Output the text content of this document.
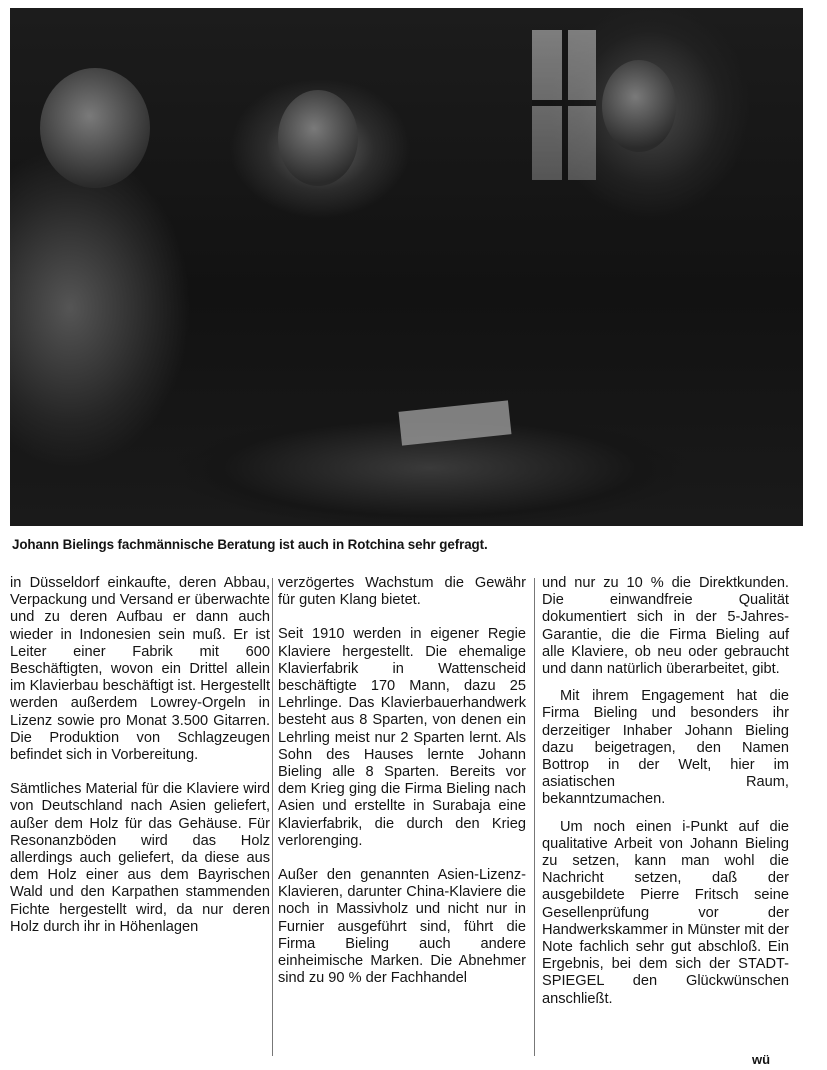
Johann Bielings fachmännische Beratung ist auch in Rotchina sehr gefragt.

in Düsseldorf einkaufte, deren Abbau, Verpackung und Versand er überwachte und zu deren Aufbau er dann auch wieder in Indonesien sein muß. Er ist Leiter einer Fabrik mit 600 Beschäftigten, wovon ein Drittel allein im Klavierbau beschäftigt ist. Hergestellt werden außerdem Lowrey-Orgeln in Lizenz sowie pro Monat 3.500 Gitarren. Die Produktion von Schlagzeugen befindet sich in Vorbereitung.

Sämtliches Material für die Klaviere wird von Deutschland nach Asien geliefert, außer dem Holz für das Gehäuse. Für Resonanzböden wird das Holz allerdings auch geliefert, da diese aus dem Holz einer aus dem Bayrischen Wald und den Karpathen stammenden Fichte hergestellt wird, da nur deren Holz durch ihr in Höhenlagen

verzögertes Wachstum die Gewähr für guten Klang bietet.

Seit 1910 werden in eigener Regie Klaviere hergestellt. Die ehemalige Klavierfabrik in Wattenscheid beschäftigte 170 Mann, dazu 25 Lehrlinge. Das Klavierbauerhandwerk besteht aus 8 Sparten, von denen ein Lehrling meist nur 2 Sparten lernt. Als Sohn des Hauses lernte Johann Bieling alle 8 Sparten. Bereits vor dem Krieg ging die Firma Bieling nach Asien und erstellte in Surabaja eine Klavierfabrik, die durch den Krieg verlorenging.

Außer den genannten Asien-Lizenz-Klavieren, darunter China-Klaviere die noch in Massivholz und nicht nur in Furnier ausgeführt sind, führt die Firma Bieling auch andere einheimische Marken. Die Abnehmer sind zu 90 % der Fachhandel

und nur zu 10 % die Direktkunden. Die einwandfreie Qualität dokumentiert sich in der 5-Jahres-Garantie, die die Firma Bieling auf alle Klaviere, ob neu oder gebraucht und dann natürlich überarbeitet, gibt.

Mit ihrem Engagement hat die Firma Bieling und besonders ihr derzeitiger Inhaber Johann Bieling dazu beigetragen, den Namen Bottrop in der Welt, hier im asiatischen Raum, bekanntzumachen.

Um noch einen i-Punkt auf die qualitative Arbeit von Johann Bieling zu setzen, kann man wohl die Nachricht setzen, daß der ausgebildete Pierre Fritsch seine Gesellenprüfung vor der Handwerkskammer in Münster mit der Note fachlich sehr gut abschloß. Ein Ergebnis, bei dem sich der STADT-SPIEGEL den Glückwünschen anschließt.

wü
